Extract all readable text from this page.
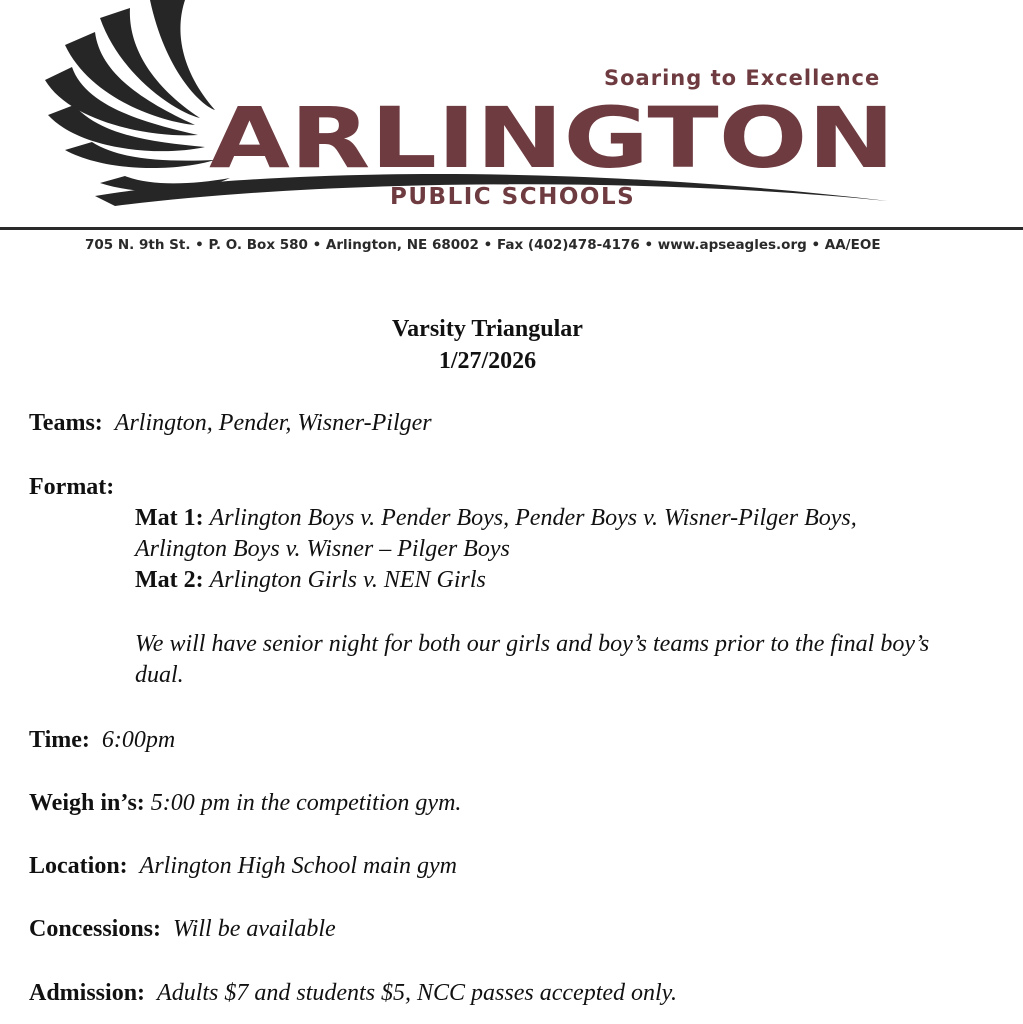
Soaring to Excellence
ARLINGTON
PUBLIC SCHOOLS
705 N. 9th St. • P. O. Box 580 • Arlington, NE 68002 • Fax (402)478-4176 • www.apseagles.org • AA/EOE
Varsity Triangular
1/27/2026
Teams: Arlington, Pender, Wisner-Pilger
Format:
Mat 1: Arlington Boys v. Pender Boys, Pender Boys v. Wisner-Pilger Boys, Arlington Boys v. Wisner – Pilger Boys
Mat 2: Arlington Girls v. NEN Girls
We will have senior night for both our girls and boy’s teams prior to the final boy’s dual.
Time: 6:00pm
Weigh in’s: 5:00 pm in the competition gym.
Location: Arlington High School main gym
Concessions: Will be available
Admission: Adults $7 and students $5, NCC passes accepted only.
